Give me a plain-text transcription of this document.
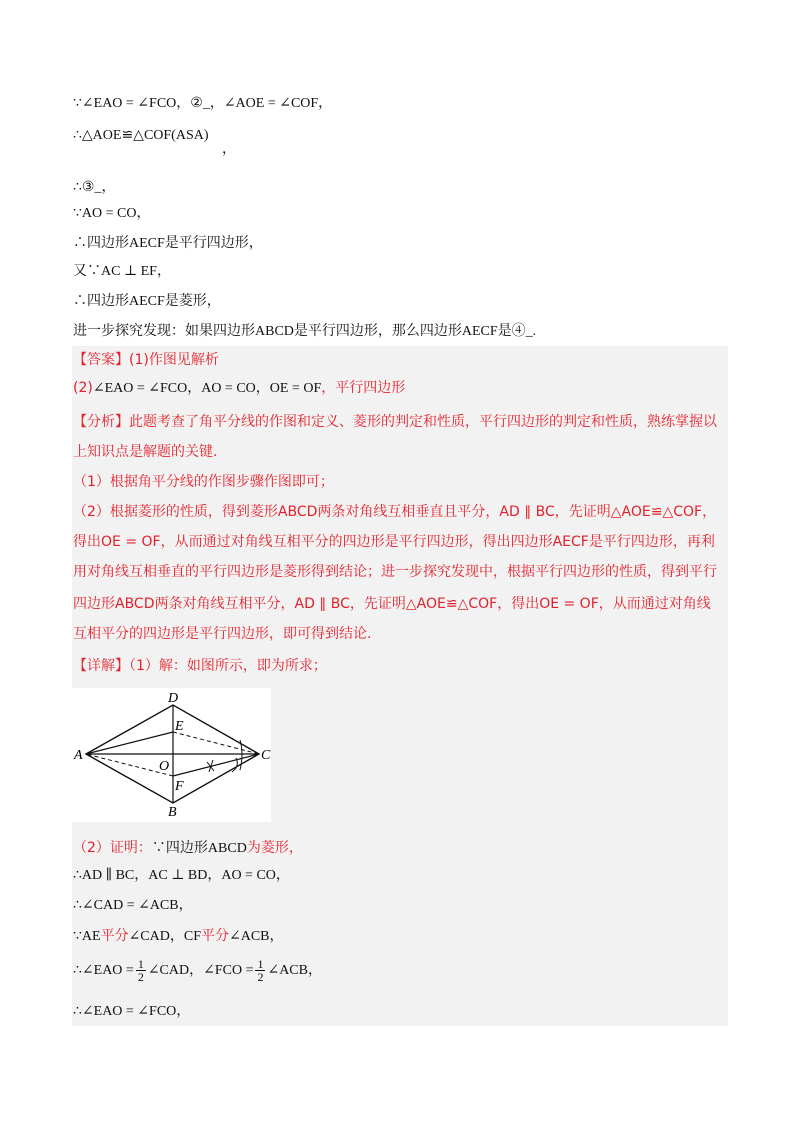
∵∠EAO = ∠FCO，②_，∠AOE = ∠COF，
∴△AOE≌△COF(ASA)
，
∴③_，
∵AO = CO，
∴四边形AECF是平行四边形，
又∵AC ⊥ EF，
∴四边形AECF是菱形，
进一步探究发现：如果四边形ABCD是平行四边形，那么四边形AECF是④_.
【答案】(1)作图见解析
(2)∠EAO = ∠FCO，AO = CO，OE = OF，平行四边形
【分析】此题考查了角平分线的作图和定义、菱形的判定和性质，平行四边形的判定和性质，熟练掌握以
上知识点是解题的关键.
（1）根据角平分线的作图步骤作图即可；
（2）根据菱形的性质，得到菱形ABCD两条对角线互相垂直且平分，AD ∥ BC，先证明△AOE≌△COF，
得出OE = OF，从而通过对角线互相平分的四边形是平行四边形，得出四边形AECF是平行四边形，再利
用对角线互相垂直的平行四边形是菱形得到结论；进一步探究发现中，根据平行四边形的性质，得到平行
四边形ABCD两条对角线互相平分，AD ∥ BC，先证明△AOE≌△COF，得出OE = OF，从而通过对角线
互相平分的四边形是平行四边形，即可得到结论.
【详解】（1）解：如图所示，即为所求；
A
D
C
B
E
F
O
（2）证明：∵四边形ABCD为菱形，
∴AD ∥ BC，AC ⊥ BD，AO = CO，
∴∠CAD = ∠ACB，
∵AE平分∠CAD，CF平分∠ACB，
∴∠EAO = $\frac{1}{2}$ ∠CAD，∠FCO = $\frac{1}{2}$ ∠ACB，
∴∠EAO = ∠FCO，
